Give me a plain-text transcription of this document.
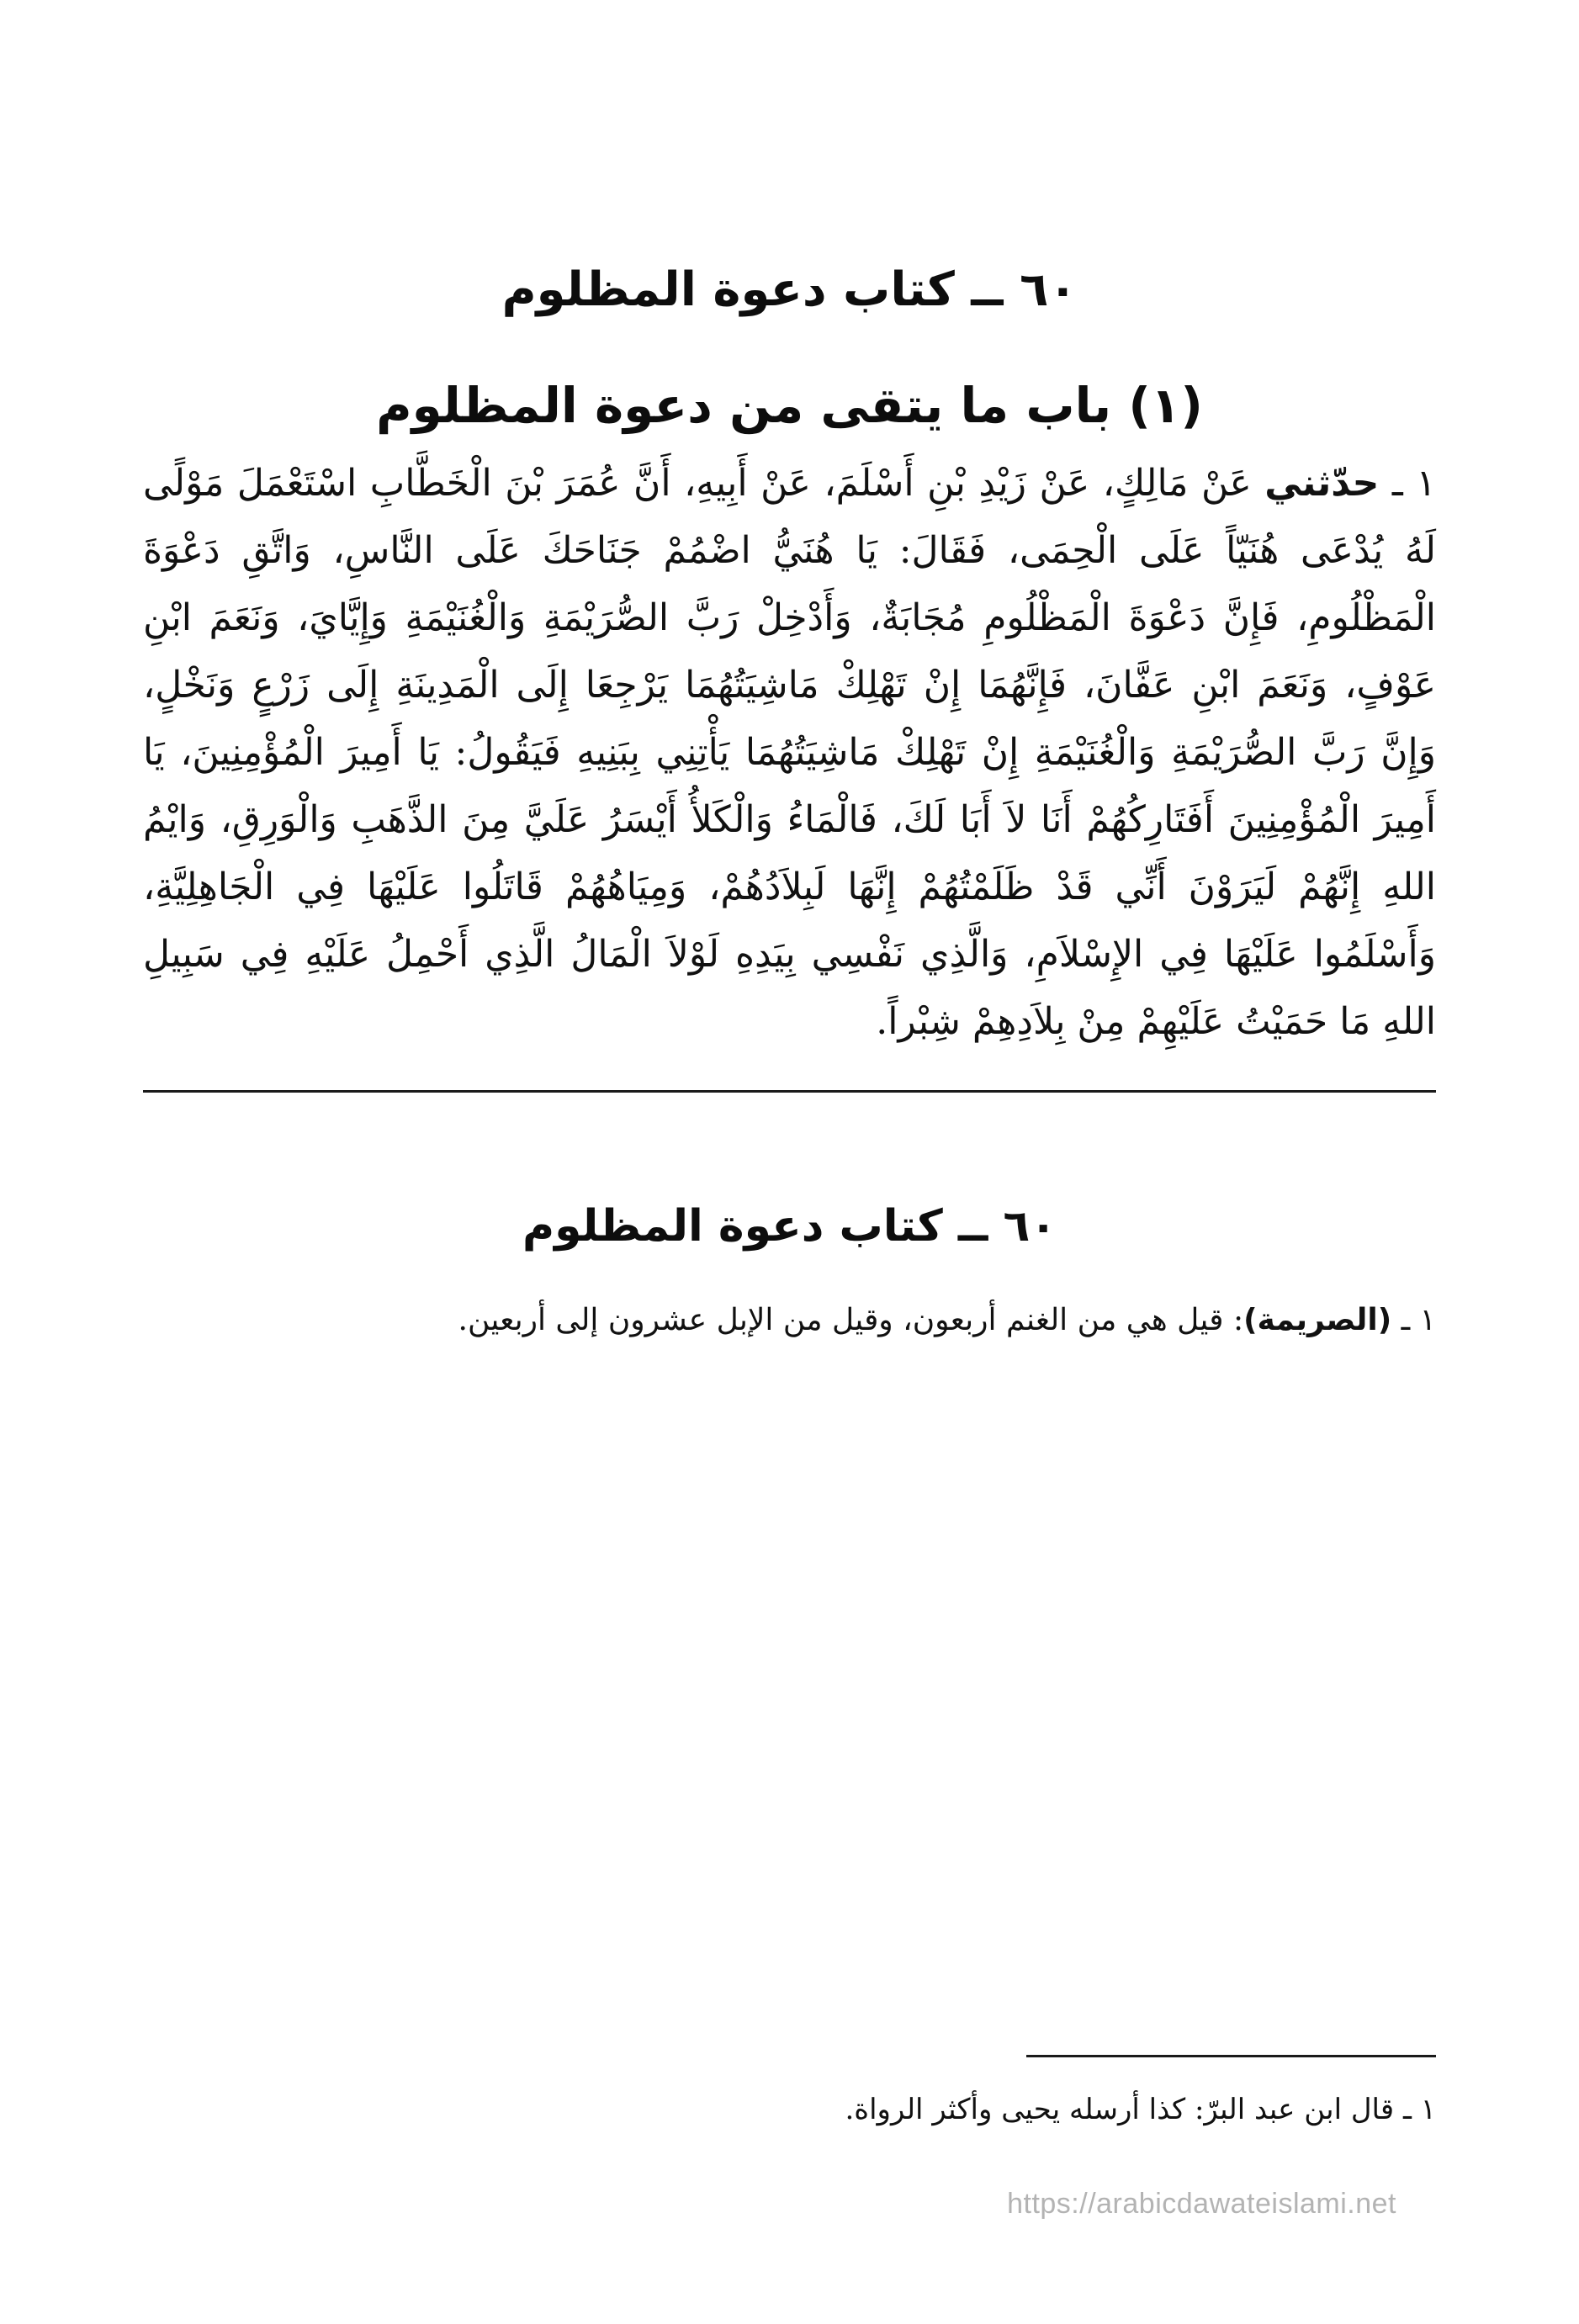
٦٠ ــ كتاب دعوة المظلوم
(١) باب ما يتقى من دعوة المظلوم
١ ـ حدّثني عَنْ مَالِكٍ، عَنْ زَيْدِ بْنِ أَسْلَمَ، عَنْ أَبِيهِ، أَنَّ عُمَرَ بْنَ الْخَطَّابِ اسْتَعْمَلَ مَوْلًى لَهُ يُدْعَى هُنَيّاً عَلَى الْحِمَى، فَقَالَ: يَا هُنَيُّ اضْمُمْ جَنَاحَكَ عَلَى النَّاسِ، وَاتَّقِ دَعْوَةَ الْمَظْلُومِ، فَإِنَّ دَعْوَةَ الْمَظْلُومِ مُجَابَةٌ، وَأَدْخِلْ رَبَّ الصُّرَيْمَةِ وَالْغُنَيْمَةِ وَإِيَّايَ، وَنَعَمَ ابْنِ عَوْفٍ، وَنَعَمَ ابْنِ عَفَّانَ، فَإِنَّهُمَا إِنْ تَهْلِكْ مَاشِيَتُهُمَا يَرْجِعَا إِلَى الْمَدِينَةِ إِلَى زَرْعٍ وَنَخْلٍ، وَإِنَّ رَبَّ الصُّرَيْمَةِ وَالْغُنَيْمَةِ إِنْ تَهْلِكْ مَاشِيَتُهُمَا يَأْتِنِي بِبَنِيهِ فَيَقُولُ: يَا أَمِيرَ الْمُؤْمِنِينَ، يَا أَمِيرَ الْمُؤْمِنِينَ أَفَتَارِكُهُمْ أَنَا لاَ أَبَا لَكَ، فَالْمَاءُ وَالْكَلأُ أَيْسَرُ عَلَيَّ مِنَ الذَّهَبِ وَالْوَرِقِ، وَايْمُ اللهِ إِنَّهُمْ لَيَرَوْنَ أَنِّي قَدْ ظَلَمْتُهُمْ إِنَّهَا لَبِلاَدُهُمْ، وَمِيَاهُهُمْ قَاتَلُوا عَلَيْهَا فِي الْجَاهِلِيَّةِ، وَأَسْلَمُوا عَلَيْهَا فِي الإِسْلاَمِ، وَالَّذِي نَفْسِي بِيَدِهِ لَوْلاَ الْمَالُ الَّذِي أَحْمِلُ عَلَيْهِ فِي سَبِيلِ اللهِ مَا حَمَيْتُ عَلَيْهِمْ مِنْ بِلاَدِهِمْ شِبْراً.
٦٠ ــ كتاب دعوة المظلوم
١ ـ (الصريمة): قيل هي من الغنم أربعون، وقيل من الإبل عشرون إلى أربعين.
١ ـ قال ابن عبد البرّ: كذا أرسله يحيى وأكثر الرواة.
https://arabicdawateislami.net
